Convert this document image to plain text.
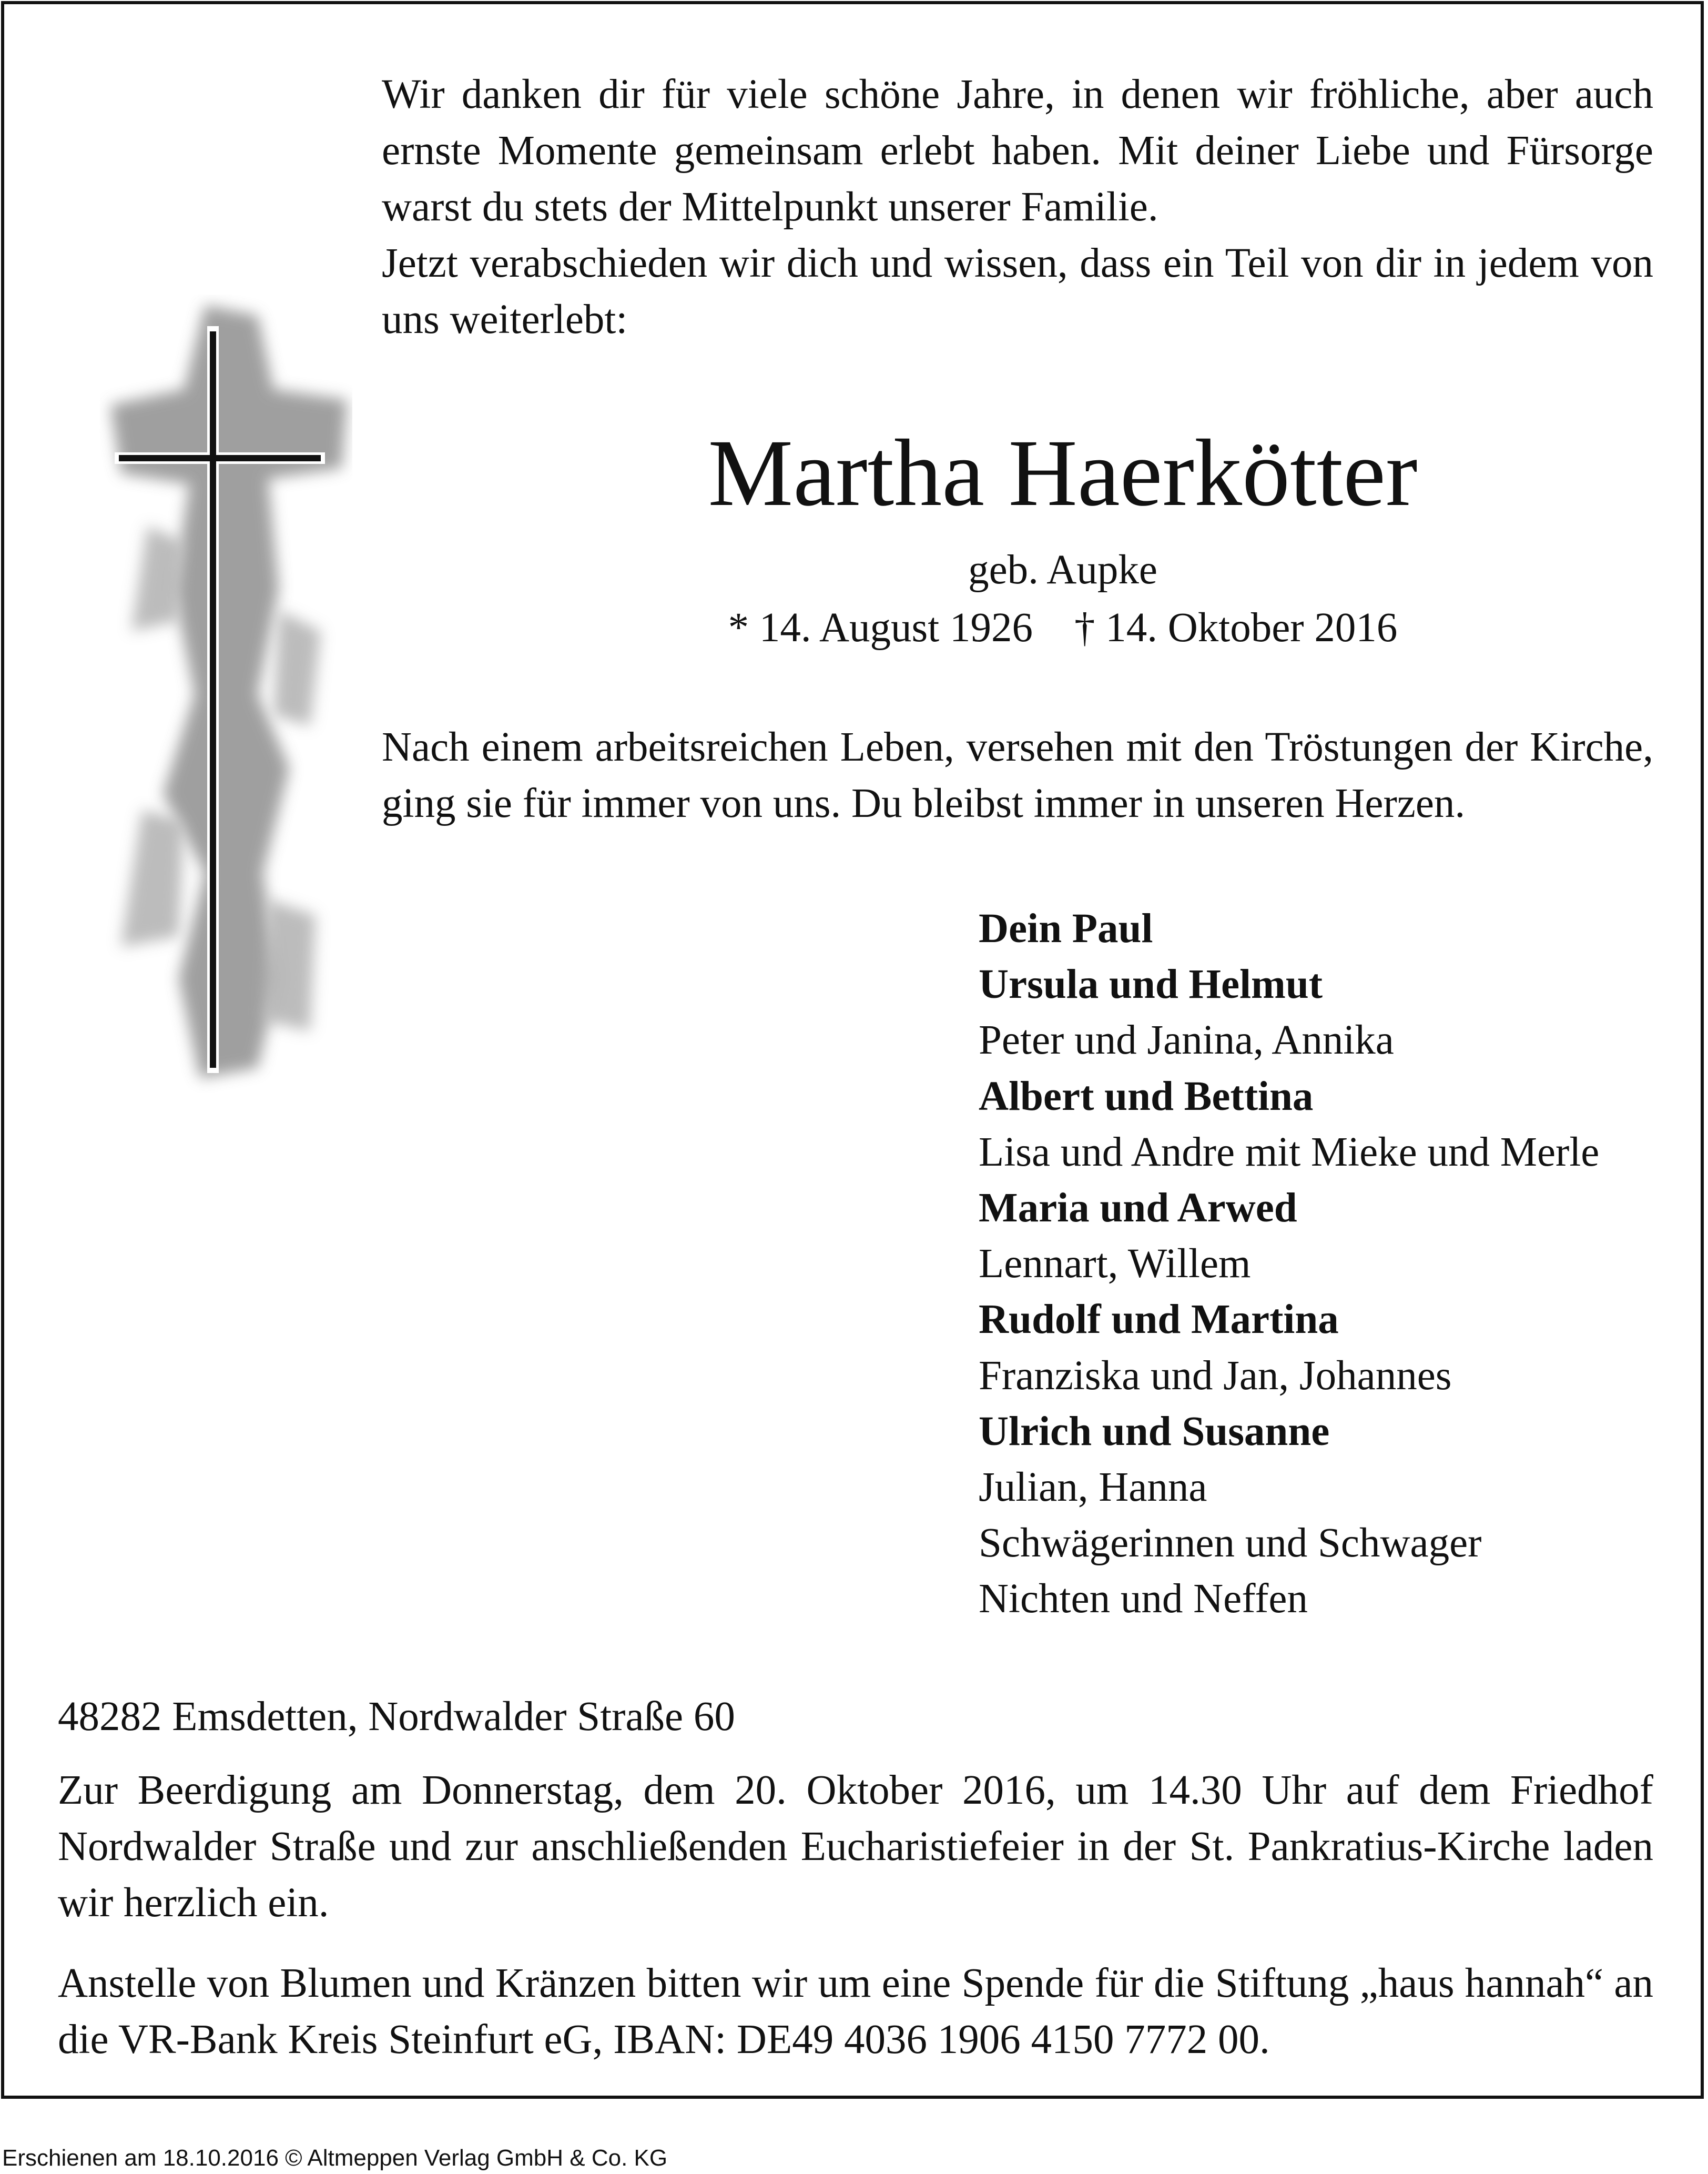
Wir danken dir für viele schöne Jahre, in denen wir fröhliche, aber auch ernste Momente gemeinsam erlebt haben. Mit deiner Liebe und Fürsorge warst du stets der Mittelpunkt unserer Familie.

Jetzt verabschieden wir dich und wissen, dass ein Teil von dir in jedem von uns weiterlebt:

Martha Haerkötter
geb. Aupke
* 14. August 1926    † 14. Oktober 2016
Nach einem arbeitsreichen Leben, versehen mit den Tröstungen der Kirche, ging sie für immer von uns. Du bleibst immer in unseren Herzen.
Dein Paul
Ursula und Helmut
Peter und Janina, Annika
Albert und Bettina
Lisa und Andre mit Mieke und Merle
Maria und Arwed
Lennart, Willem
Rudolf und Martina
Franziska und Jan, Johannes
Ulrich und Susanne
Julian, Hanna
Schwägerinnen und Schwager
Nichten und Neffen
48282 Emsdetten, Nordwalder Straße 60
Zur Beerdigung am Donnerstag, dem 20. Oktober 2016, um 14.30 Uhr auf dem Friedhof Nordwalder Straße und zur anschließenden Eucharistiefeier in der St. Pankratius-Kirche laden wir herzlich ein.
Anstelle von Blumen und Kränzen bitten wir um eine Spende für die Stiftung „haus hannah“ an die VR-Bank Kreis Steinfurt eG, IBAN: DE49 4036 1906 4150 7772 00.
Erschienen am 18.10.2016 © Altmeppen Verlag GmbH & Co. KG
